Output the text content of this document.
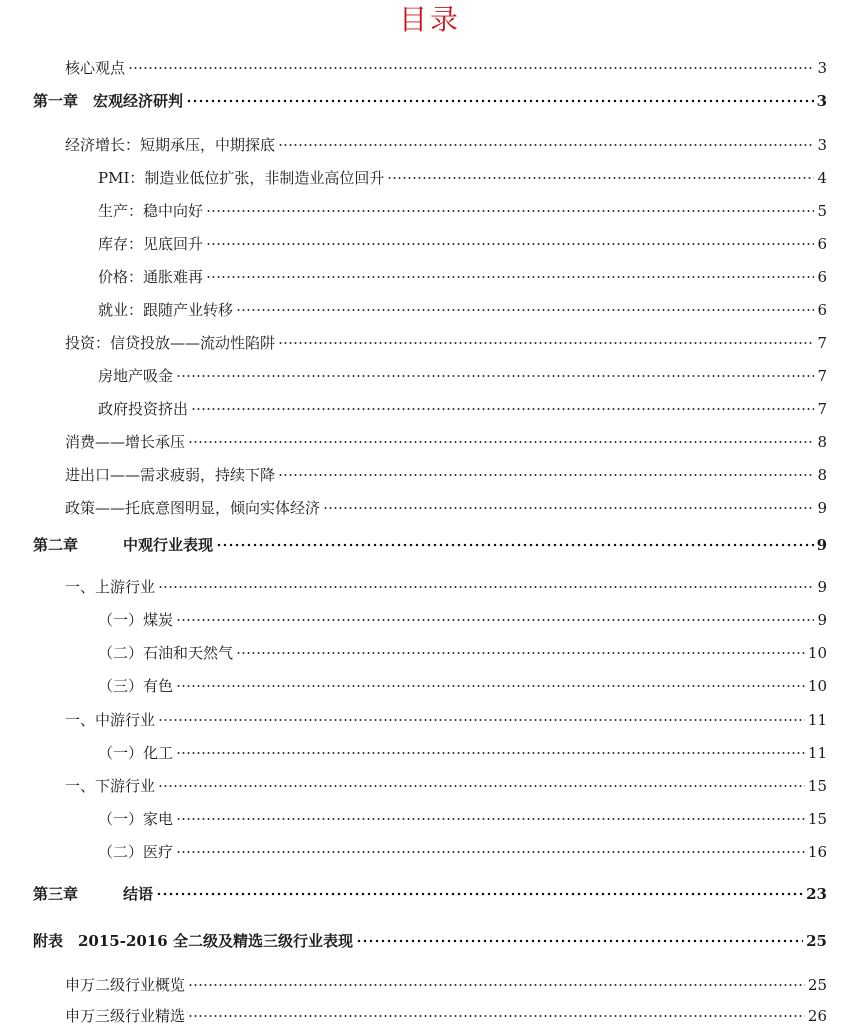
目录
核心观点	3
第一章　宏观经济研判	3
经济增长：短期承压，中期探底	3
PMI：制造业低位扩张，非制造业高位回升	4
生产：稳中向好	5
库存：见底回升	6
价格：通胀难再	6
就业：跟随产业转移	6
投资：信贷投放——流动性陷阱	7
房地产吸金	7
政府投资挤出	7
消费——增长承压	8
进出口——需求疲弱，持续下降	8
政策——托底意图明显，倾向实体经济	9
第二章　　　中观行业表现	9
一、上游行业	9
（一）煤炭	9
（二）石油和天然气	10
（三）有色	10
一、中游行业	11
（一）化工	11
一、下游行业	15
（一）家电	15
（二）医疗	16
第三章　　　结语	23
附表　2015-2016 全二级及精选三级行业表现	25
申万二级行业概览	25
申万三级行业精选	26
